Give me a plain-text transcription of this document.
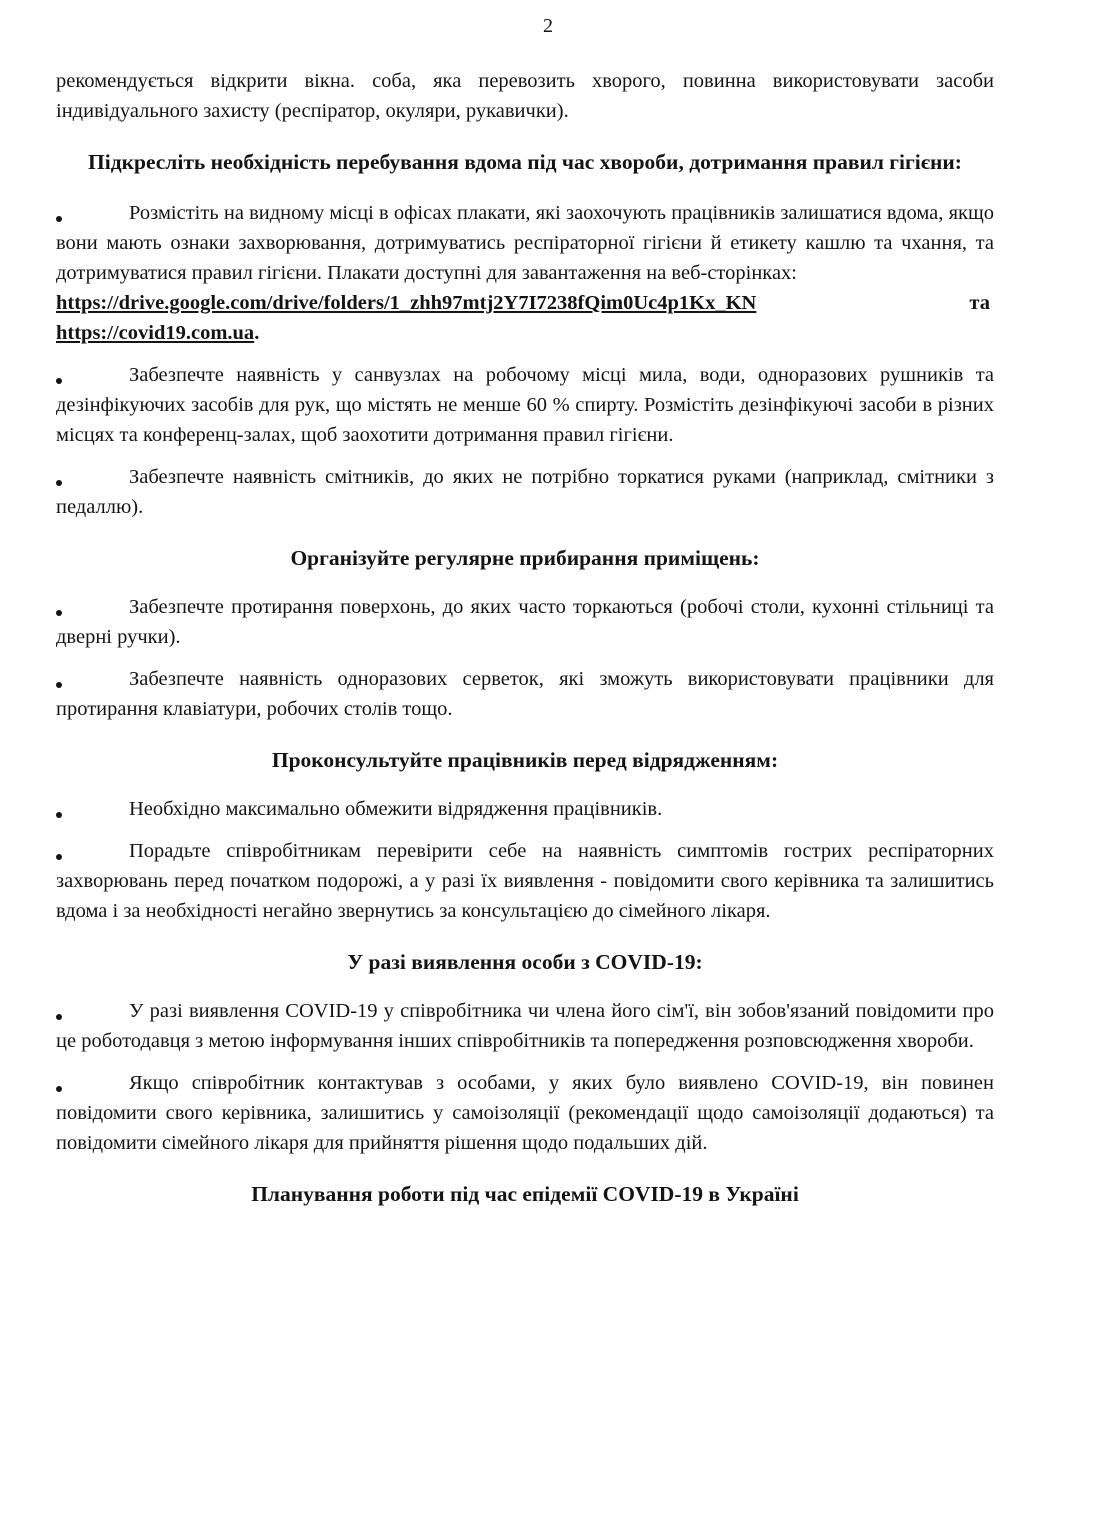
2

рекомендується відкрити вікна. соба, яка перевозить хворого, повинна використовувати засоби індивідуального захисту (респіратор, окуляри, рукавички).

Підкресліть необхідність перебування вдома під час хвороби, дотримання правил гігієни:

Розмістіть на видному місці в офісах плакати, які заохочують працівників залишатися вдома, якщо вони мають ознаки захворювання, дотримуватись респіраторної гігієни й етикету кашлю та чхання, та дотримуватися правил гігієни. Плакати доступні для завантаження на веб-сторінках:
https://drive.google.com/drive/folders/1_zhh97mtj2Y7I7238fQim0Uc4p1Kx_KN	та

https://covid19.com.ua.

Забезпечте наявність у санвузлах на робочому місці мила, води, одноразових рушників та дезінфікуючих засобів для рук, що містять не менше 60 % спирту. Розмістіть дезінфікуючі засоби в різних місцях та конференц-залах, щоб заохотити дотримання правил гігієни.
Забезпечте наявність смітників, до яких не потрібно торкатися руками (наприклад, смітники з педаллю).

Організуйте регулярне прибирання приміщень:

Забезпечте протирання поверхонь, до яких часто торкаються (робочі столи, кухонні стільниці та дверні ручки).
Забезпечте наявність одноразових серветок, які зможуть використовувати працівники для протирання клавіатури, робочих столів тощо.

Проконсультуйте працівників перед відрядженням:

Необхідно максимально обмежити відрядження працівників.
Порадьте співробітникам перевірити себе на наявність симптомів гострих респіраторних захворювань перед початком подорожі, а у разі їх виявлення - повідомити свого керівника та залишитись вдома і за необхідності негайно звернутись за консультацією до сімейного лікаря.

У разі виявлення особи з COVID-19:

У разі виявлення COVID-19 у співробітника чи члена його сім'ї, він зобов'язаний повідомити про це роботодавця з метою інформування інших співробітників та попередження розповсюдження хвороби.
Якщо співробітник контактував з особами, у яких було виявлено COVID-19, він повинен повідомити свого керівника, залишитись у самоізоляції (рекомендації щодо самоізоляції додаються) та повідомити сімейного лікаря для прийняття рішення щодо подальших дій.

Планування роботи під час епідемії COVID-19 в Україні
